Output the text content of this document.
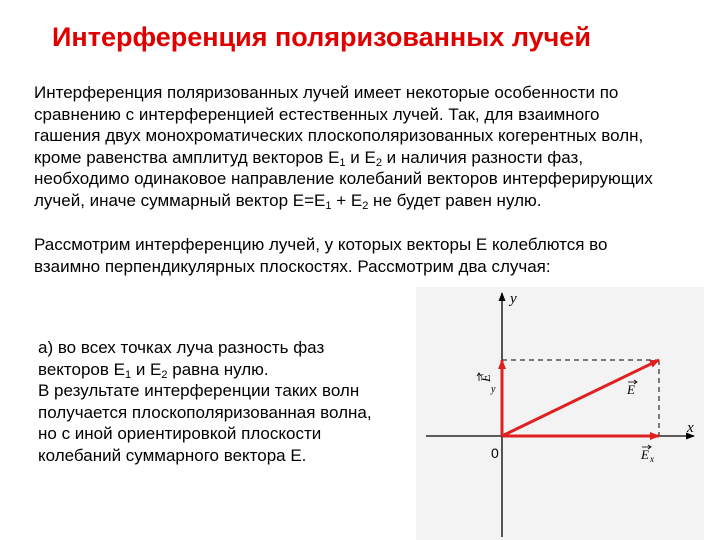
Интерференция поляризованных лучей
Интерференция поляризованных лучей имеет некоторые особенности по
сравнению с интерференцией естественных лучей. Так, для взаимного
гашения двух монохроматических плоскополяризованных когерентных волн,
кроме равенства амплитуд векторов $E_1$ и $E_2$ и наличия разности фаз,
необходимо одинаковое направление колебаний векторов интерферирующих
лучей, иначе суммарный вектор $E=E_1 + E_2$ не будет равен нулю.
Рассмотрим интерференцию лучей, у которых векторы E колеблются во
взаимно перпендикулярных плоскостях. Рассмотрим два случая:
а) во всех точках луча разность фаз
векторов $E_1$ и $E_2$ равна нулю.
В результате интерференции таких волн
получается плоскополяризованная волна,
но с иной ориентировкой плоскости
колебаний суммарного вектора E.
y
x
0
E
y	E
E x
